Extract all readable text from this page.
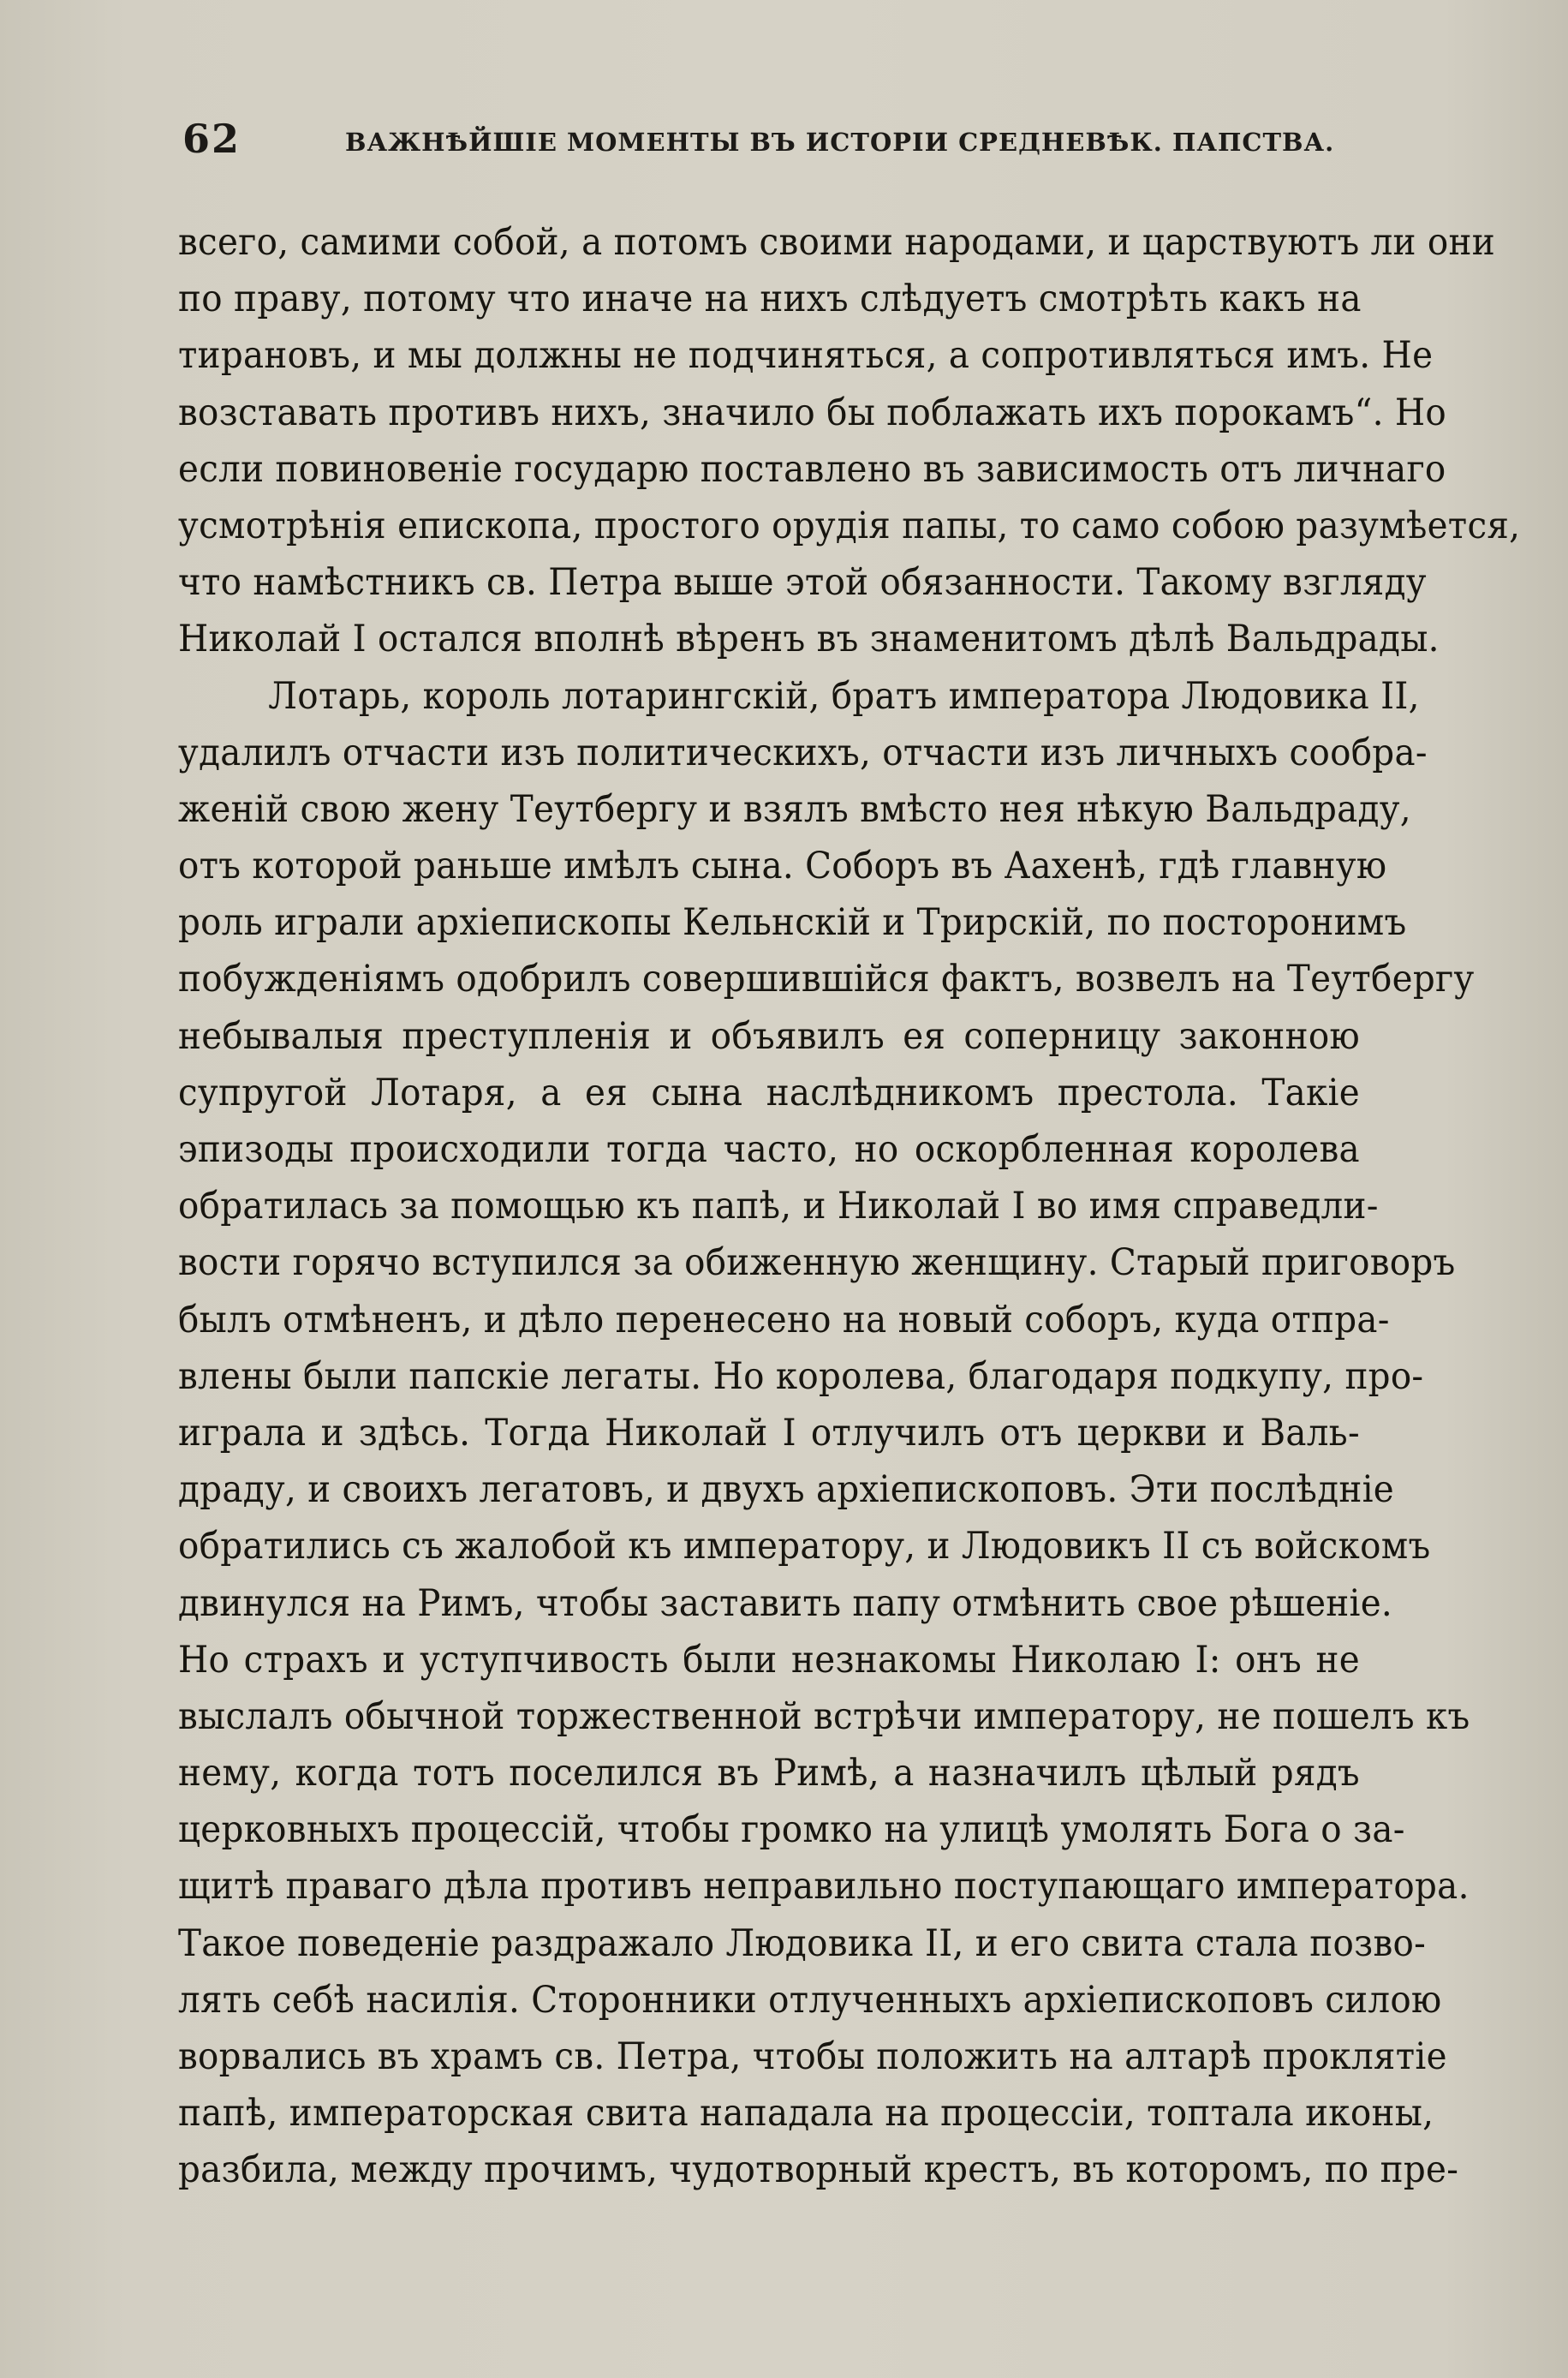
62	ВАЖНѢЙШІЕ МОМЕНТЫ ВЪ ИСТОРІИ СРЕДНЕВѢК. ПАПСТВА.
всего, самими собой, а потомъ своими народами, и царствуютъ ли они
по праву, потому что иначе на нихъ слѣдуетъ смотрѣть какъ на
тирановъ, и мы должны не подчиняться, а сопротивляться имъ. Не
возставать противъ нихъ, значило бы поблажать ихъ порокамъ“. Но
если повиновеніе государю поставлено въ зависимость отъ личнаго
усмотрѣнія епископа, простого орудія папы, то само собою разумѣется,
что намѣстникъ св. Петра выше этой обязанности. Такому взгляду
Николай I остался вполнѣ вѣренъ въ знаменитомъ дѣлѣ Вальдрады.
Лотарь, король лотарингскій, братъ императора Людовика II,
удалилъ отчасти изъ политическихъ, отчасти изъ личныхъ сообра-
женій свою жену Теутбергу и взялъ вмѣсто нея нѣкую Вальдраду,
отъ которой раньше имѣлъ сына. Соборъ въ Аахенѣ, гдѣ главную
роль играли архіепископы Кельнскій и Трирскій, по посторонимъ
побужденіямъ одобрилъ совершившійся фактъ, возвелъ на Теутбергу
небывалыя преступленія и объявилъ ея соперницу законною
супругой Лотаря, а ея сына наслѣдникомъ престола. Такіе
эпизоды происходили тогда часто, но оскорбленная королева
обратилась за помощью къ папѣ, и Николай I во имя справедли-
вости горячо вступился за обиженную женщину. Старый приговоръ
былъ отмѣненъ, и дѣло перенесено на новый соборъ, куда отпра-
влены были папскіе легаты. Но королева, благодаря подкупу, про-
играла и здѣсь. Тогда Николай I отлучилъ отъ церкви и Валь-
драду, и своихъ легатовъ, и двухъ архіепископовъ. Эти послѣдніе
обратились съ жалобой къ императору, и Людовикъ II съ войскомъ
двинулся на Римъ, чтобы заставить папу отмѣнить свое рѣшеніе.
Но страхъ и уступчивость были незнакомы Николаю I: онъ не
выслалъ обычной торжественной встрѣчи императору, не пошелъ къ
нему, когда тотъ поселился въ Римѣ, а назначилъ цѣлый рядъ
церковныхъ процессій, чтобы громко на улицѣ умолять Бога о за-
щитѣ праваго дѣла противъ неправильно поступающаго императора.
Такое поведеніе раздражало Людовика II, и его свита стала позво-
лять себѣ насилія. Сторонники отлученныхъ архіепископовъ силою
ворвались въ храмъ св. Петра, чтобы положить на алтарѣ проклятіе
папѣ, императорская свита нападала на процессіи, топтала иконы,
разбила, между прочимъ, чудотворный крестъ, въ которомъ, по пре-
